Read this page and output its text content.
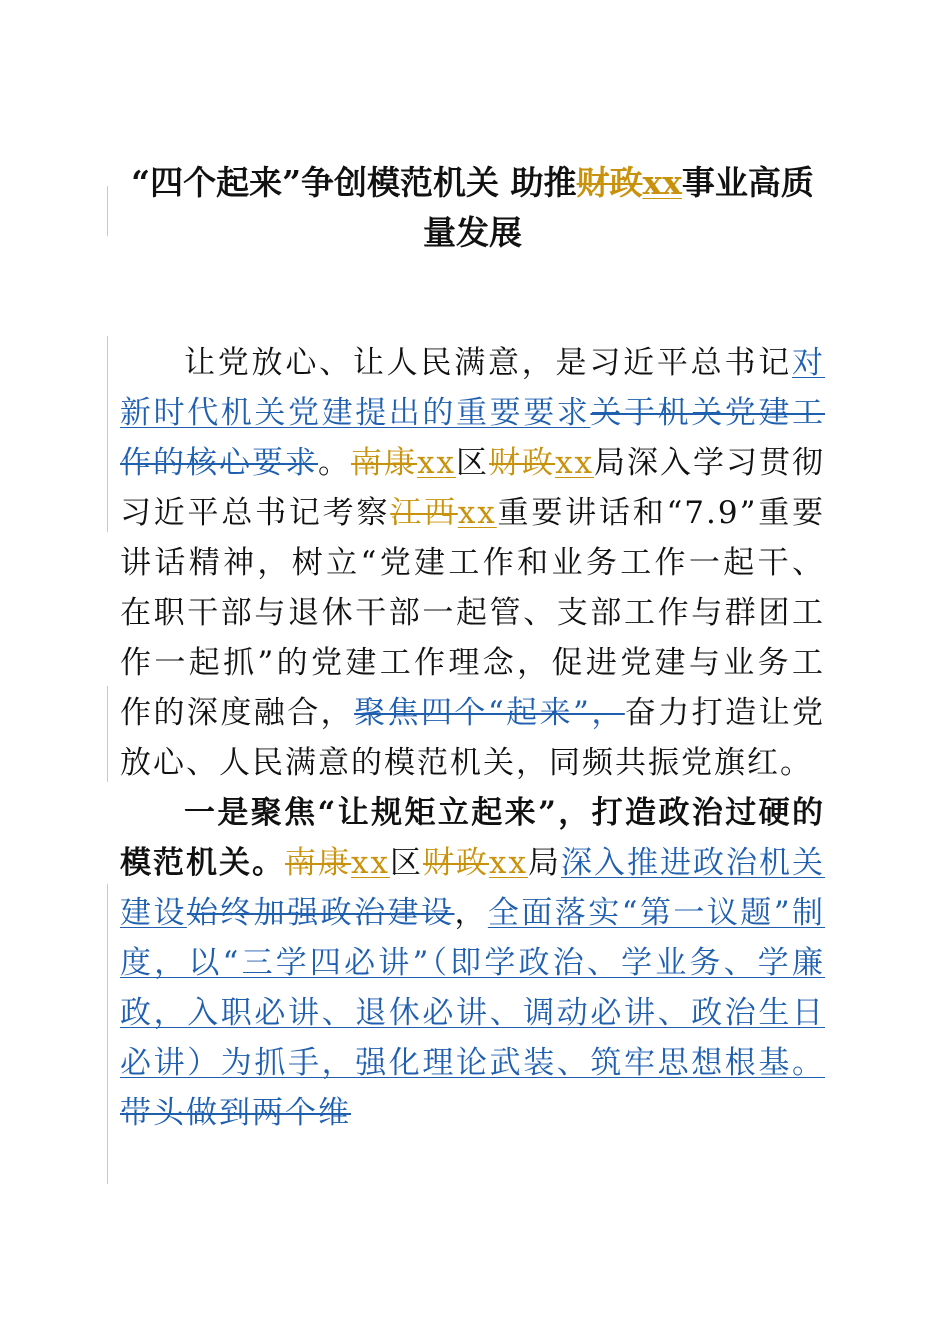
“四个起来”争创模范机关 助推财政xx事业高质量发展

让党放心、让人民满意，是习近平总书记对新时代机关党建提出的重要要求关于机关党建工作的核心要求。南康xx区财政xx局深入学习贯彻习近平总书记考察江西xx重要讲话和“7.9”重要讲话精神，树立“党建工作和业务工作一起干、在职干部与退休干部一起管、支部工作与群团工作一起抓”的党建工作理念，促进党建与业务工作的深度融合，聚焦四个“起来”，奋力打造让党放心、人民满意的模范机关，同频共振党旗红。

一是聚焦“让规矩立起来”，打造政治过硬的模范机关。南康xx区财政xx局深入推进政治机关建设始终加强政治建设，全面落实“第一议题”制度，以“三学四必讲”（即学政治、学业务、学廉政，入职必讲、退休必讲、调动必讲、政治生日必讲）为抓手，强化理论武装、筑牢思想根基。带头做到两个维
